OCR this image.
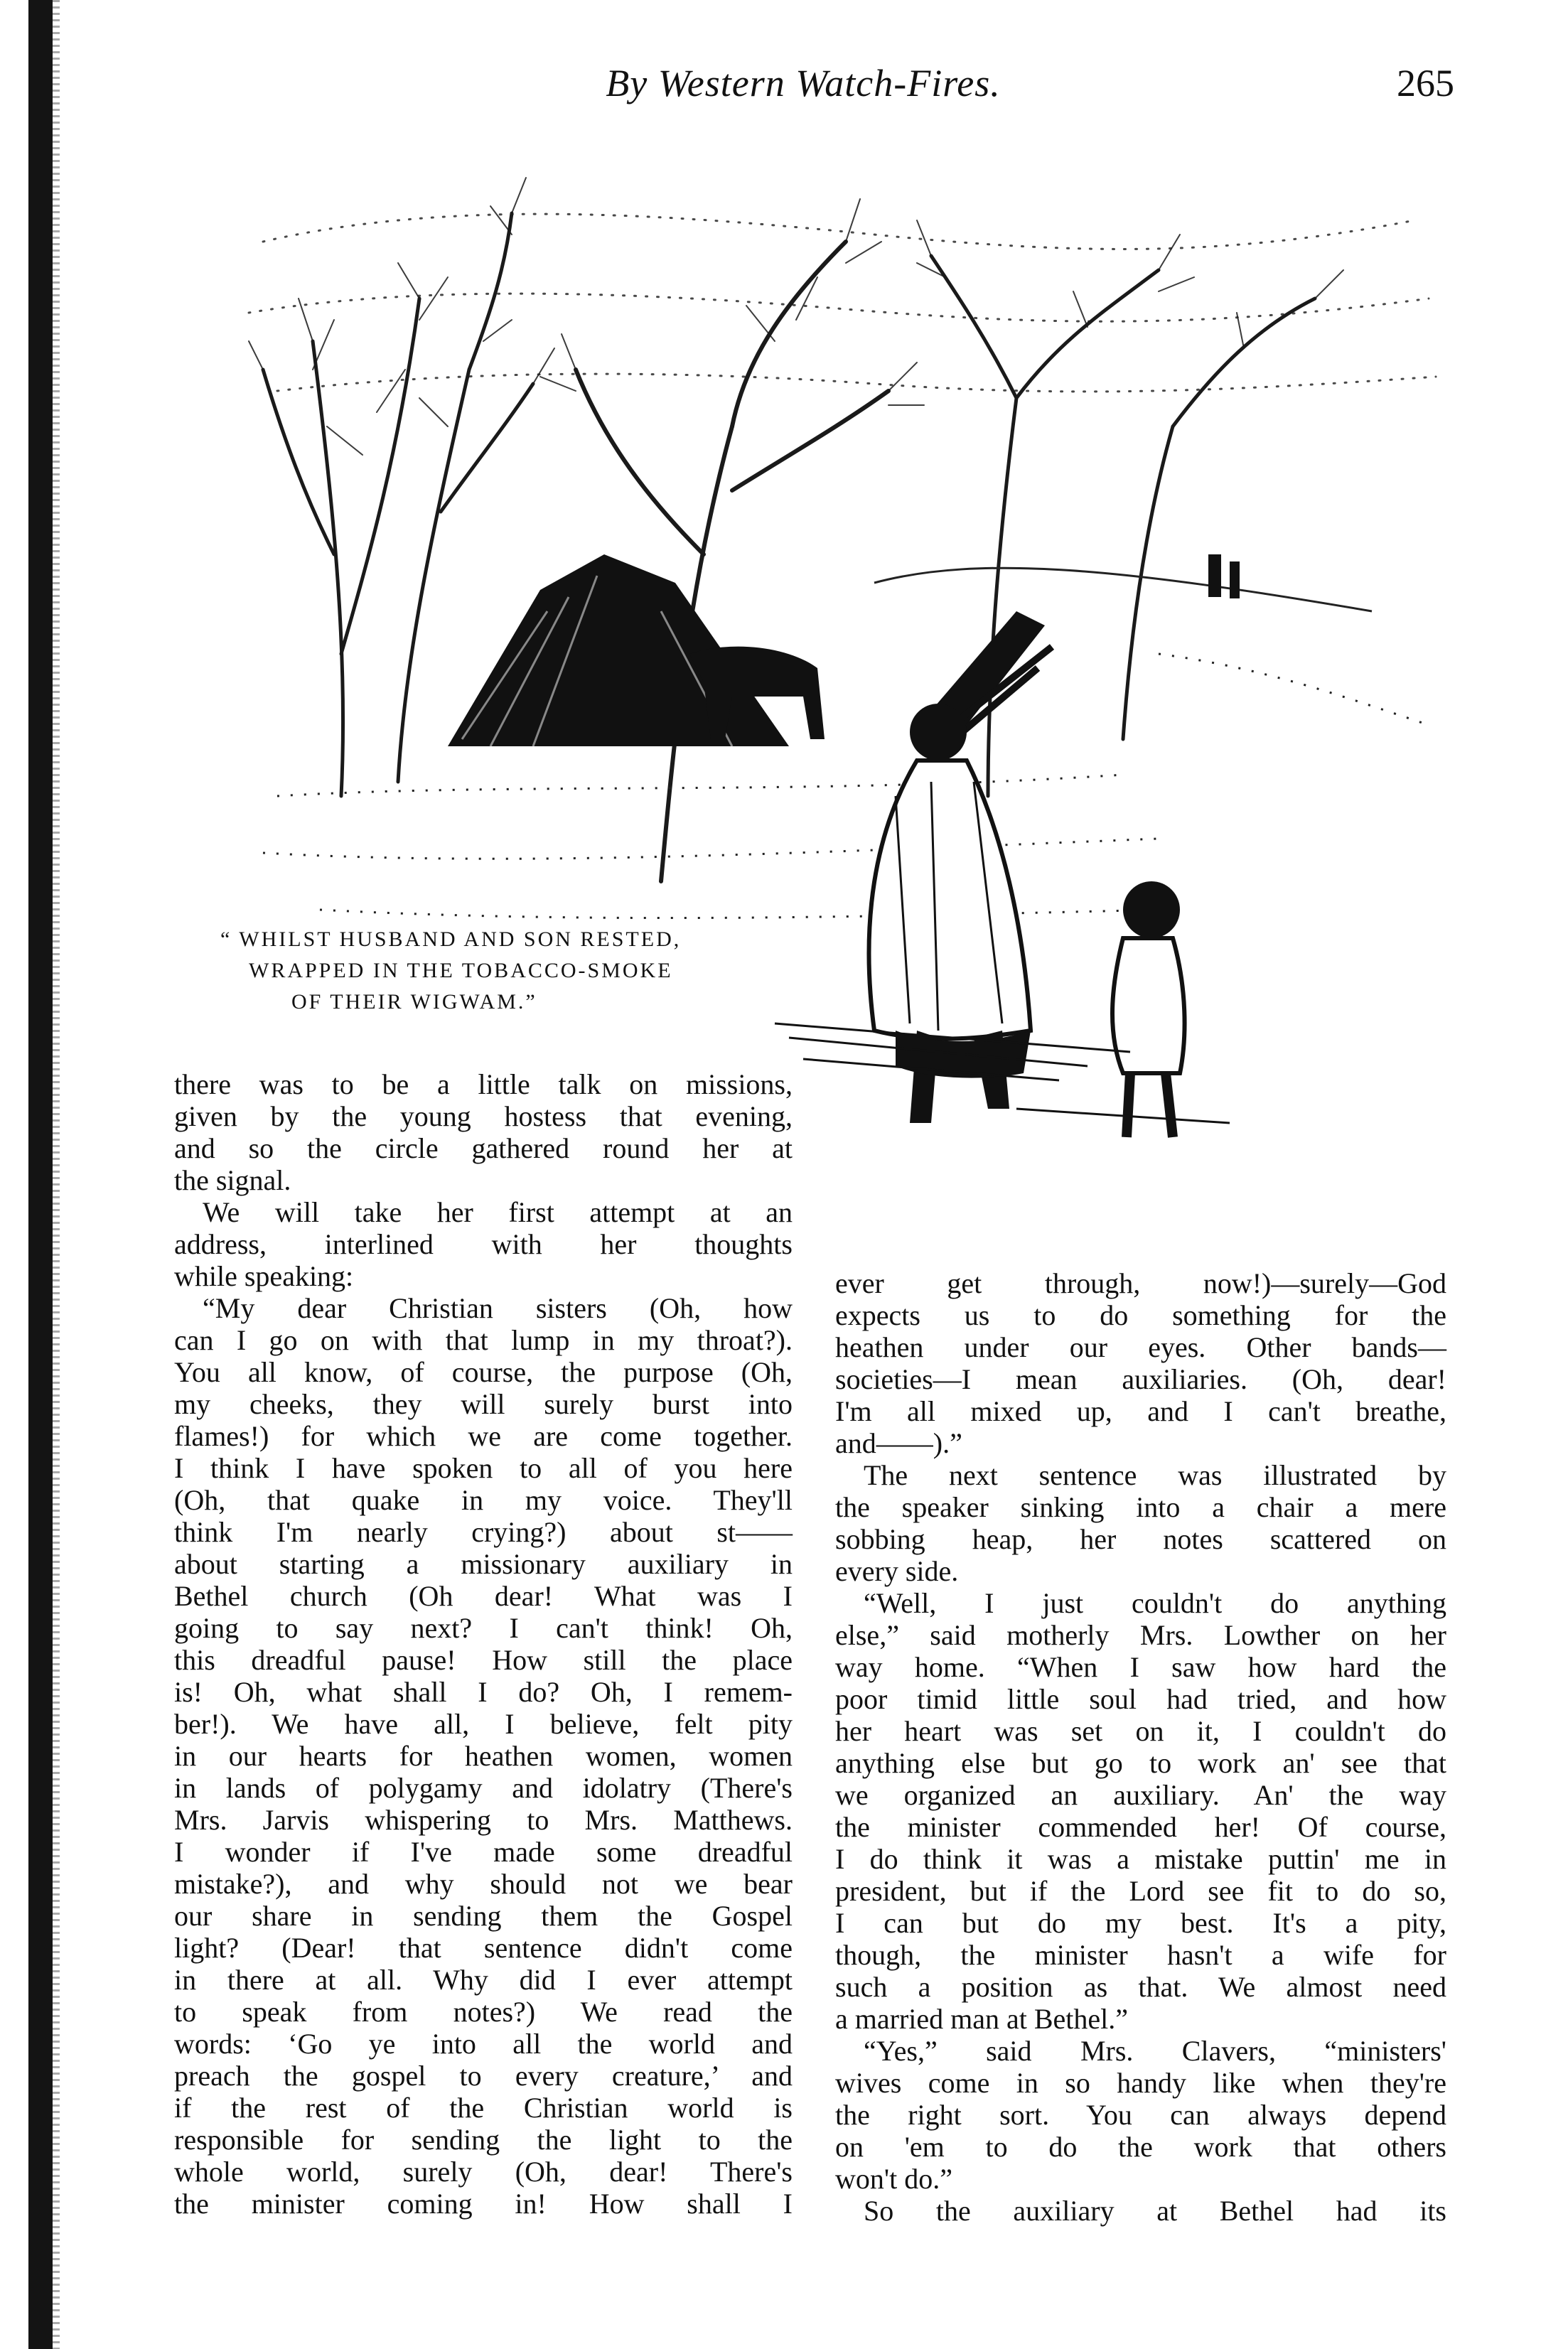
By Western Watch-Fires.	265
“ WHILST HUSBAND AND SON RESTED,
WRAPPED IN THE TOBACCO-SMOKE
OF THEIR WIGWAM.”
there was to be a little talk on missions,
given by the young hostess that evening,
and so the circle gathered round her at
the signal.
We will take her first attempt at an
address, interlined with her thoughts
while speaking:
“My dear Christian sisters (Oh, how
can I go on with that lump in my throat?).
You all know, of course, the purpose (Oh,
my cheeks, they will surely burst into
flames!) for which we are come together.
I think I have spoken to all of you here
(Oh, that quake in my voice. They'll
think I'm nearly crying?) about st——
about starting a missionary auxiliary in
Bethel church (Oh dear! What was I
going to say next? I can't think! Oh,
this dreadful pause! How still the place
is! Oh, what shall I do? Oh, I remem-
ber!). We have all, I believe, felt pity
in our hearts for heathen women, women
in lands of polygamy and idolatry (There's
Mrs. Jarvis whispering to Mrs. Matthews.
I wonder if I've made some dreadful
mistake?), and why should not we bear
our share in sending them the Gospel
light? (Dear! that sentence didn't come
in there at all. Why did I ever attempt
to speak from notes?) We read the
words: ‘Go ye into all the world and
preach the gospel to every creature,’ and
if the rest of the Christian world is
responsible for sending the light to the
whole world, surely (Oh, dear! There's
the minister coming in! How shall I
ever get through, now!)—surely—God
expects us to do something for the
heathen under our eyes. Other bands—
societies—I mean auxiliaries. (Oh, dear!
I'm all mixed up, and I can't breathe,
and——).”
The next sentence was illustrated by
the speaker sinking into a chair a mere
sobbing heap, her notes scattered on
every side.
“Well, I just couldn't do anything
else,” said motherly Mrs. Lowther on her
way home. “When I saw how hard the
poor timid little soul had tried, and how
her heart was set on it, I couldn't do
anything else but go to work an' see that
we organized an auxiliary. An' the way
the minister commended her! Of course,
I do think it was a mistake puttin' me in
president, but if the Lord see fit to do so,
I can but do my best. It's a pity,
though, the minister hasn't a wife for
such a position as that. We almost need
a married man at Bethel.”
“Yes,” said Mrs. Clavers, “ministers'
wives come in so handy like when they're
the right sort. You can always depend
on 'em to do the work that others
won't do.”
So the auxiliary at Bethel had its
